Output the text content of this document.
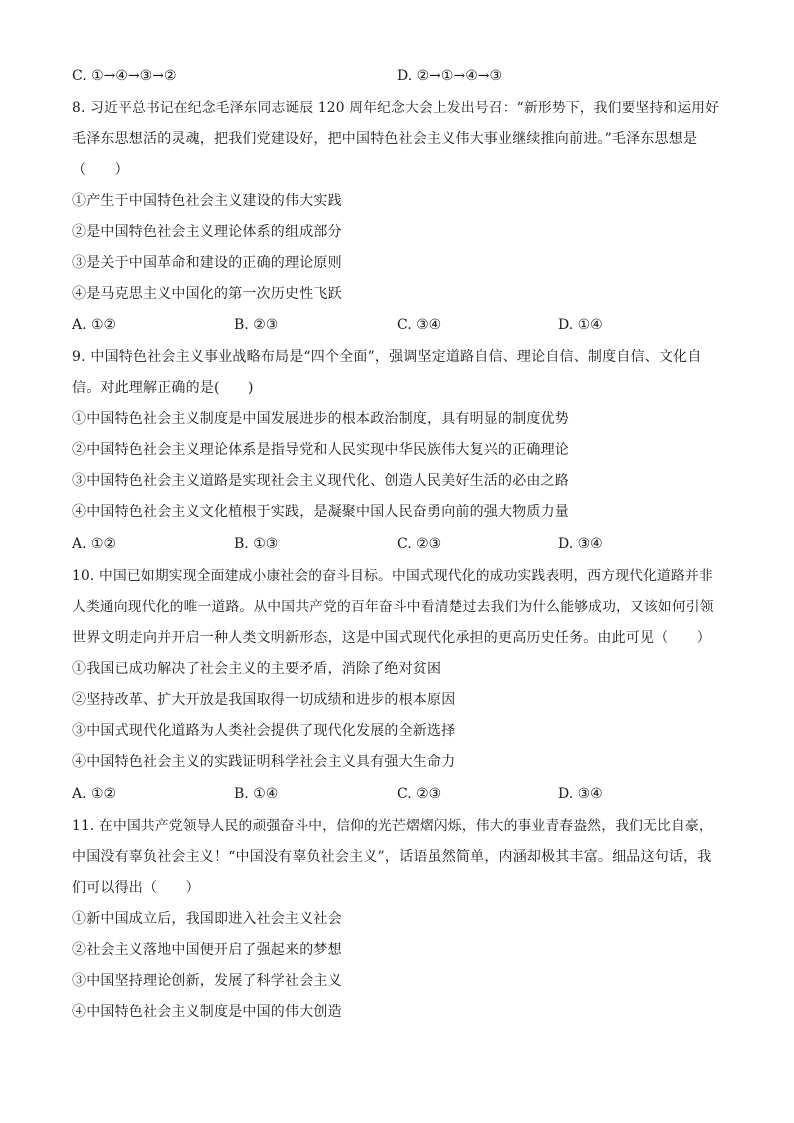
C. ①→④→③→②	D. ②→①→④→③
8. 习近平总书记在纪念毛泽东同志诞辰 120 周年纪念大会上发出号召：“新形势下，我们要坚持和运用好
毛泽东思想活的灵魂，把我们党建设好，把中国特色社会主义伟大事业继续推向前进。”毛泽东思想是
（　　）
①产生于中国特色社会主义建设的伟大实践
②是中国特色社会主义理论体系的组成部分
③是关于中国革命和建设的正确的理论原则
④是马克思主义中国化的第一次历史性飞跃
A. ①②	B. ②③	C. ③④	D. ①④
9. 中国特色社会主义事业战略布局是“四个全面”，强调坚定道路自信、理论自信、制度自信、文化自
信。对此理解正确的是(　　)
①中国特色社会主义制度是中国发展进步的根本政治制度，具有明显的制度优势
②中国特色社会主义理论体系是指导党和人民实现中华民族伟大复兴的正确理论
③中国特色社会主义道路是实现社会主义现代化、创造人民美好生活的必由之路
④中国特色社会主义文化植根于实践，是凝聚中国人民奋勇向前的强大物质力量
A. ①②	B. ①③	C. ②③	D. ③④
10. 中国已如期实现全面建成小康社会的奋斗目标。中国式现代化的成功实践表明，西方现代化道路并非
人类通向现代化的唯一道路。从中国共产党的百年奋斗中看清楚过去我们为什么能够成功，又该如何引领
世界文明走向并开启一种人类文明新形态，这是中国式现代化承担的更高历史任务。由此可见（　　）
①我国已成功解决了社会主义的主要矛盾，消除了绝对贫困
②坚持改革、扩大开放是我国取得一切成绩和进步的根本原因
③中国式现代化道路为人类社会提供了现代化发展的全新选择
④中国特色社会主义的实践证明科学社会主义具有强大生命力
A. ①②	B. ①④	C. ②③	D. ③④
11. 在中国共产党领导人民的顽强奋斗中，信仰的光芒熠熠闪烁，伟大的事业青春盎然，我们无比自豪，
中国没有辜负社会主义！“中国没有辜负社会主义”，话语虽然简单，内涵却极其丰富。细品这句话，我
们可以得出（　　）
①新中国成立后，我国即进入社会主义社会
②社会主义落地中国便开启了强起来的梦想
③中国坚持理论创新，发展了科学社会主义
④中国特色社会主义制度是中国的伟大创造
